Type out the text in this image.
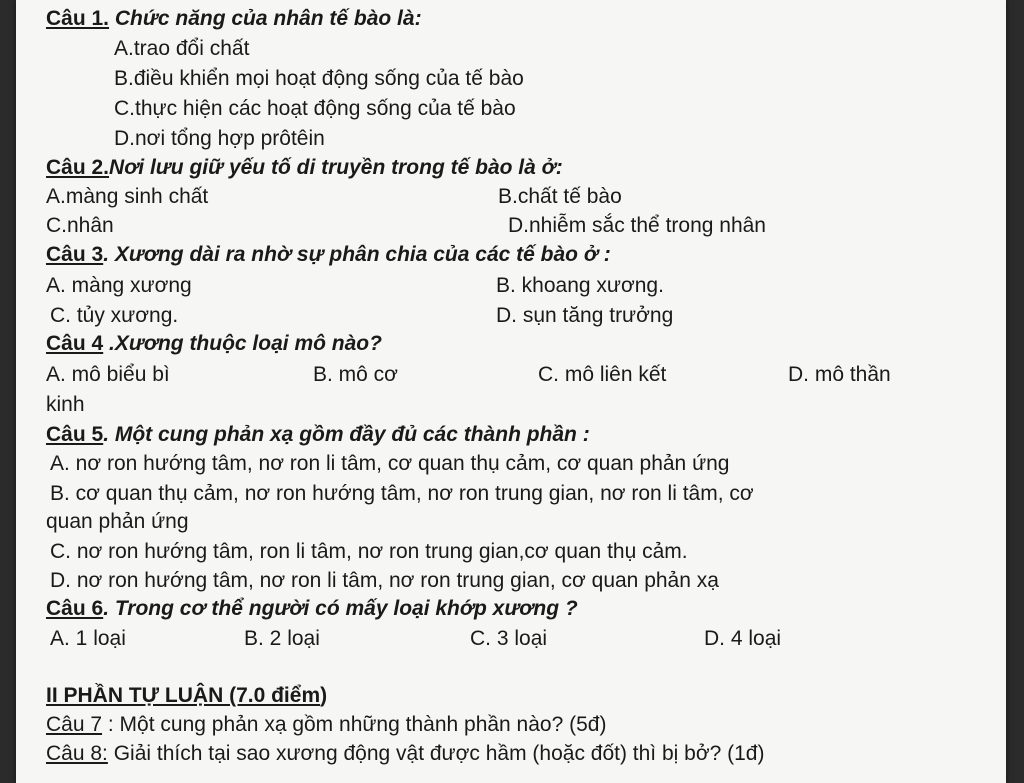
Câu 1. Chức năng của nhân tế bào là:
A.trao đổi chất
B.điều khiển mọi hoạt động sống của tế bào
C.thực hiện các hoạt động sống của tế bào
D.nơi tổng hợp prôtêin
Câu 2.Nơi lưu giữ yếu tố di truyền trong tế bào là ở:
A.màng sinh chất	B.chất tế bào
C.nhân	D.nhiễm sắc thể trong nhân
Câu 3. Xương dài ra nhờ sự phân chia của các tế bào ở :
A. màng xương	B. khoang xương.
C. tủy xương.	D. sụn tăng trưởng
Câu 4 .Xương thuộc loại mô nào?
A. mô biểu bì	B. mô cơ	C. mô liên kết	D. mô thần
kinh
Câu 5. Một cung phản xạ gồm đầy đủ các thành phần :
A. nơ ron hướng tâm, nơ ron li tâm, cơ quan thụ cảm, cơ quan phản ứng
B. cơ quan thụ cảm, nơ ron hướng tâm, nơ ron trung gian, nơ ron li tâm, cơ
quan phản ứng
C. nơ ron hướng tâm, ron li tâm, nơ ron trung gian,cơ quan thụ cảm.
D. nơ ron hướng tâm, nơ ron li tâm, nơ ron trung gian, cơ quan phản xạ
Câu 6. Trong cơ thể người có mấy loại khớp xương ?
A. 1 loại	B. 2 loại	C. 3 loại	D. 4 loại
II PHẦN TỰ LUẬN (7.0 điểm)
Câu 7 : Một cung phản xạ gồm những thành phần nào? (5đ)
Câu 8: Giải thích tại sao xương động vật được hầm (hoặc đốt) thì bị bở? (1đ)
